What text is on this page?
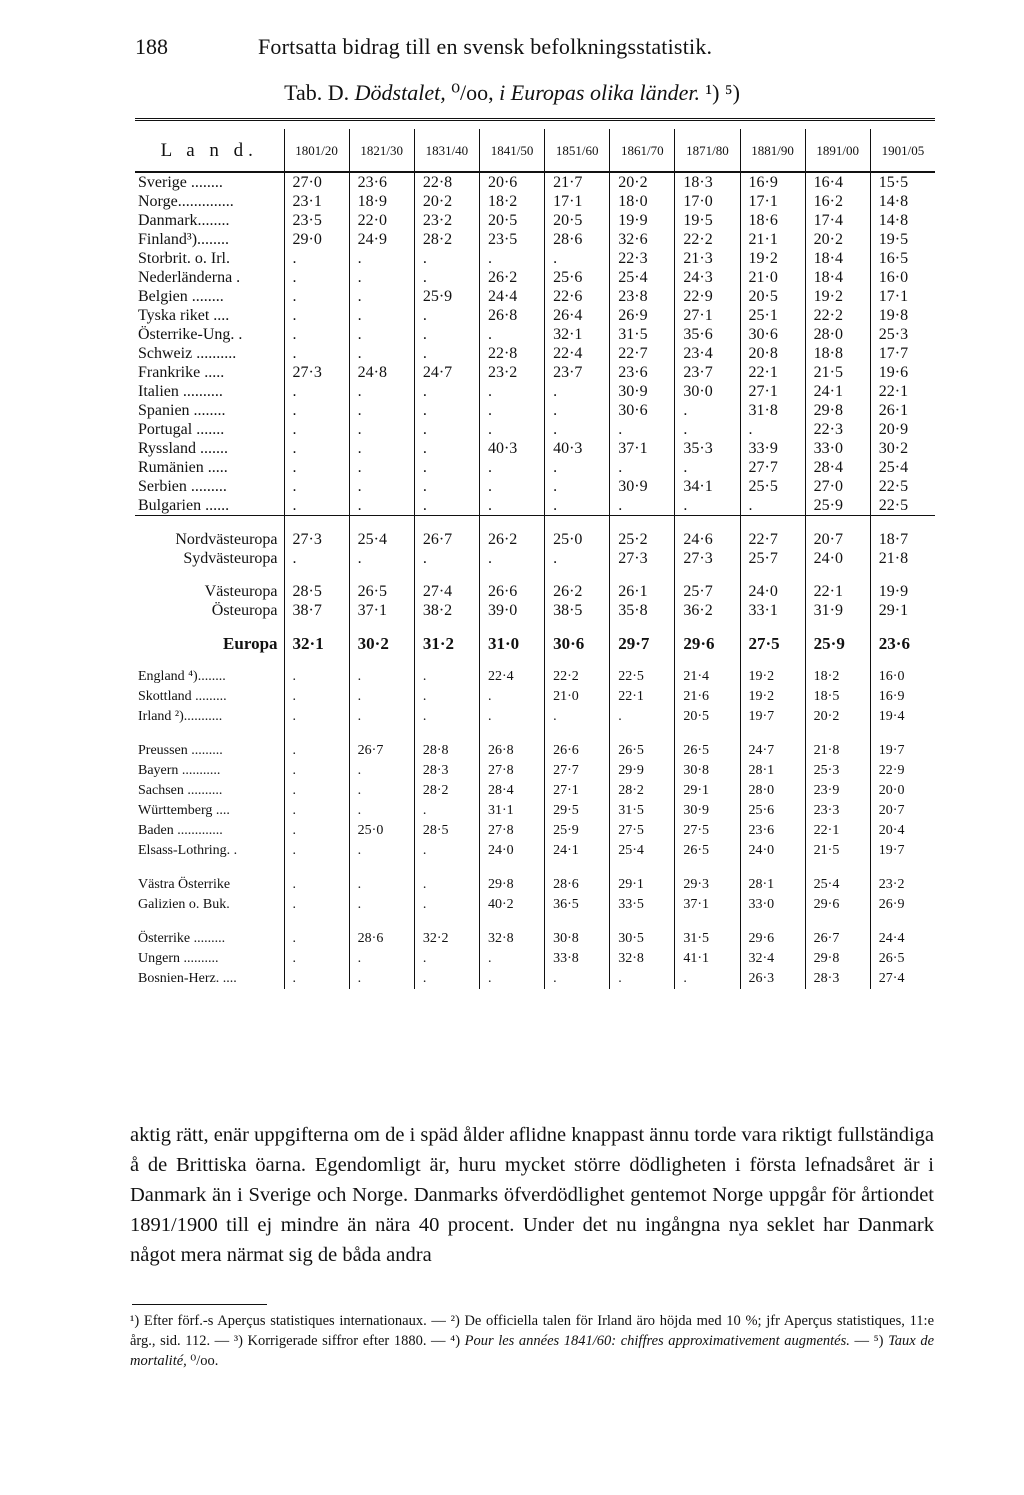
188	Fortsatta bidrag till en svensk befolkningsstatistik.
Tab. D. Dödstalet, ⁰/oo, i Europas olika länder. ¹) ⁵)

L a n d.	1801/20	1821/30	1831/40	1841/50	1851/60	1861/70	1871/80	1881/90	1891/00	1901/05
Sverige ........	27·0	23·6	22·8	20·6	21·7	20·2	18·3	16·9	16·4	15·5
Norge..............	23·1	18·9	20·2	18·2	17·1	18·0	17·0	17·1	16·2	14·8
Danmark........	23·5	22·0	23·2	20·5	20·5	19·9	19·5	18·6	17·4	14·8
Finland³)........	29·0	24·9	28·2	23·5	28·6	32·6	22·2	21·1	20·2	19·5
Storbrit. o. Irl.	.	.	.	.	.	22·3	21·3	19·2	18·4	16·5
Nederländerna .	.	.	.	26·2	25·6	25·4	24·3	21·0	18·4	16·0
Belgien ........	.	.	25·9	24·4	22·6	23·8	22·9	20·5	19·2	17·1
Tyska riket ....	.	.	.	26·8	26·4	26·9	27·1	25·1	22·2	19·8
Österrike-Ung. .	.	.	.	.	32·1	31·5	35·6	30·6	28·0	25·3
Schweiz ..........	.	.	.	22·8	22·4	22·7	23·4	20·8	18·8	17·7
Frankrike .....	27·3	24·8	24·7	23·2	23·7	23·6	23·7	22·1	21·5	19·6
Italien ..........	.	.	.	.	.	30·9	30·0	27·1	24·1	22·1
Spanien ........	.	.	.	.	.	30·6	.	31·8	29·8	26·1
Portugal .......	.	.	.	.	.	.	.	.	22·3	20·9
Ryssland .......	.	.	.	40·3	40·3	37·1	35·3	33·9	33·0	30·2
Rumänien .....	.	.	.	.	.	.	.	27·7	28·4	25·4
Serbien .........	.	.	.	.	.	30·9	34·1	25·5	27·0	22·5
Bulgarien ......	.	.	.	.	.	.	.	.	25·9	22·5

Nordvästeuropa	27·3	25·4	26·7	26·2	25·0	25·2	24·6	22·7	20·7	18·7
Sydvästeuropa	.	.	.	.	.	27·3	27·3	25·7	24·0	21·8

Västeuropa	28·5	26·5	27·4	26·6	26·2	26·1	25·7	24·0	22·1	19·9
Östeuropa	38·7	37·1	38·2	39·0	38·5	35·8	36·2	33·1	31·9	29·1

Europa	32·1	30·2	31·2	31·0	30·6	29·7	29·6	27·5	25·9	23·6

England ⁴)........	.	.	.	22·4	22·2	22·5	21·4	19·2	18·2	16·0
Skottland .........	.	.	.	.	21·0	22·1	21·6	19·2	18·5	16·9
Irland ²)...........	.	.	.	.	.	.	20·5	19·7	20·2	19·4

Preussen .........	.	26·7	28·8	26·8	26·6	26·5	26·5	24·7	21·8	19·7
Bayern ...........	.	.	28·3	27·8	27·7	29·9	30·8	28·1	25·3	22·9
Sachsen ..........	.	.	28·2	28·4	27·1	28·2	29·1	28·0	23·9	20·0
Württemberg ....	.	.	.	31·1	29·5	31·5	30·9	25·6	23·3	20·7
Baden .............	.	25·0	28·5	27·8	25·9	27·5	27·5	23·6	22·1	20·4
Elsass-Lothring. .	.	.	.	24·0	24·1	25·4	26·5	24·0	21·5	19·7

Västra Österrike	.	.	.	29·8	28·6	29·1	29·3	28·1	25·4	23·2
Galizien o. Buk.	.	.	.	40·2	36·5	33·5	37·1	33·0	29·6	26·9

Österrike .........	.	28·6	32·2	32·8	30·8	30·5	31·5	29·6	26·7	24·4
Ungern ..........	.	.	.	.	33·8	32·8	41·1	32·4	29·8	26·5
Bosnien-Herz. ....	.	.	.	.	.	.	.	26·3	28·3	27·4
aktig rätt, enär uppgifterna om de i späd ålder aflidne knappast ännu torde vara riktigt fullständiga å de Brittiska öarna. Egendomligt är, huru mycket större dödligheten i första lefnadsåret är i Danmark än i Sverige och Norge. Danmarks öfverdödlighet gentemot Norge uppgår för årtiondet 1891/1900 till ej mindre än nära 40 procent. Under det nu ingångna nya seklet har Danmark något mera närmat sig de båda andra
¹) Efter förf.-s Aperçus statistiques internationaux. — ²) De officiella talen för Irland äro höjda med 10 %; jfr Aperçus statistiques, 11:e årg., sid. 112. — ³) Korrigerade siffror efter 1880. — ⁴) Pour les années 1841/60: chiffres approximativement augmentés. — ⁵) Taux de mortalité, ⁰/oo.
